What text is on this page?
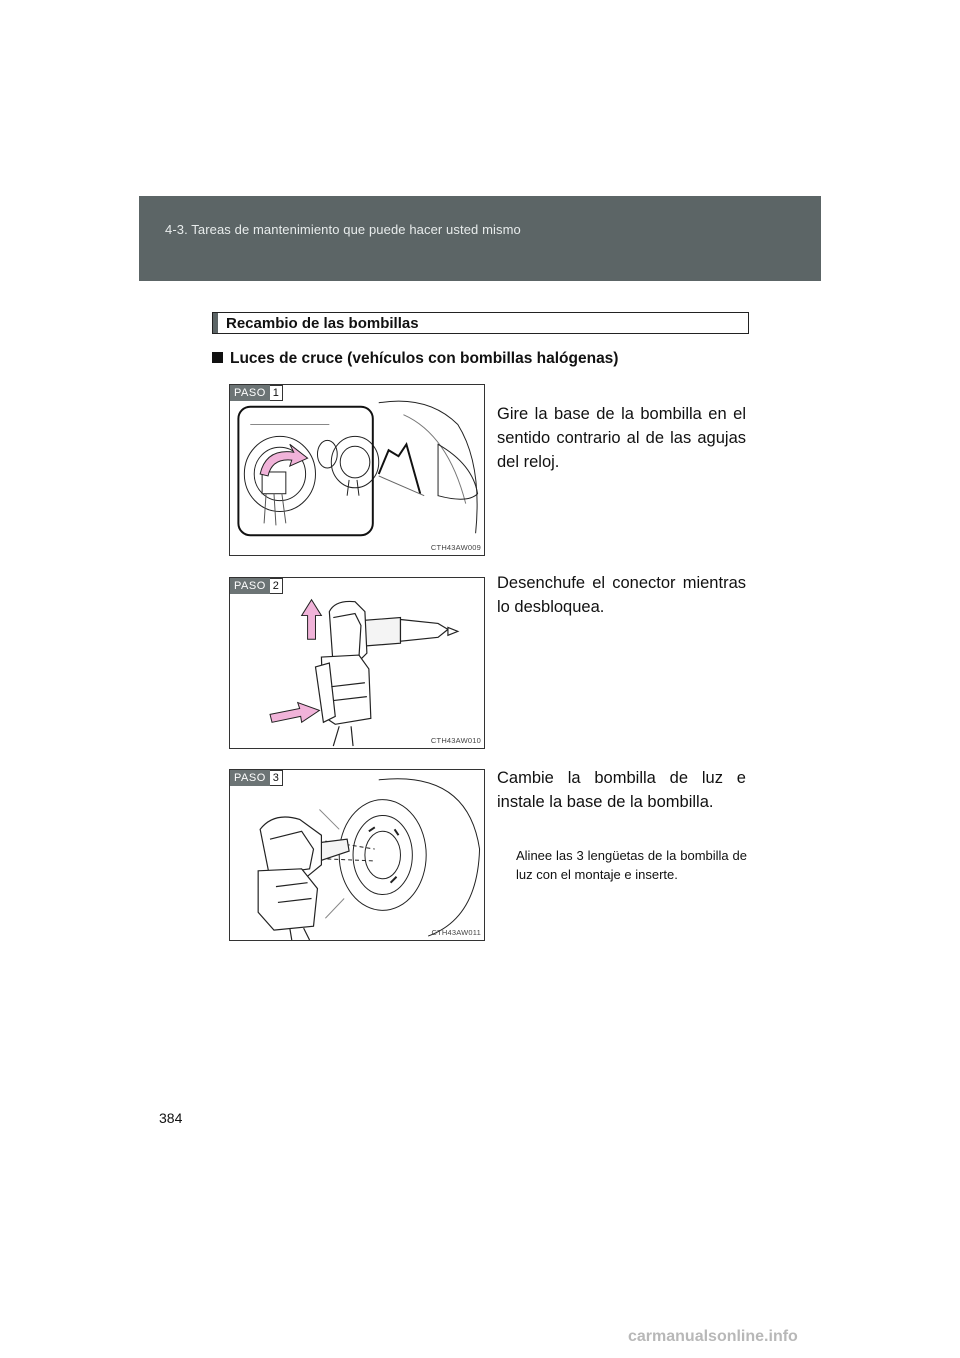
4-3. Tareas de mantenimiento que puede hacer usted mismo
Recambio de las bombillas
Luces de cruce (vehículos con bombillas halógenas)
PASO 1
CTH43AW009
Gire la base de la bombilla en el sentido contrario al de las agujas del reloj.
PASO 2
CTH43AW010
Desenchufe el conector mientras lo desbloquea.
PASO 3
CTH43AW011
Cambie la bombilla de luz e instale la base de la bombilla.
Alinee las 3 lengüetas de la bombilla de luz con el montaje e inserte.
384
carmanualsonline.info
